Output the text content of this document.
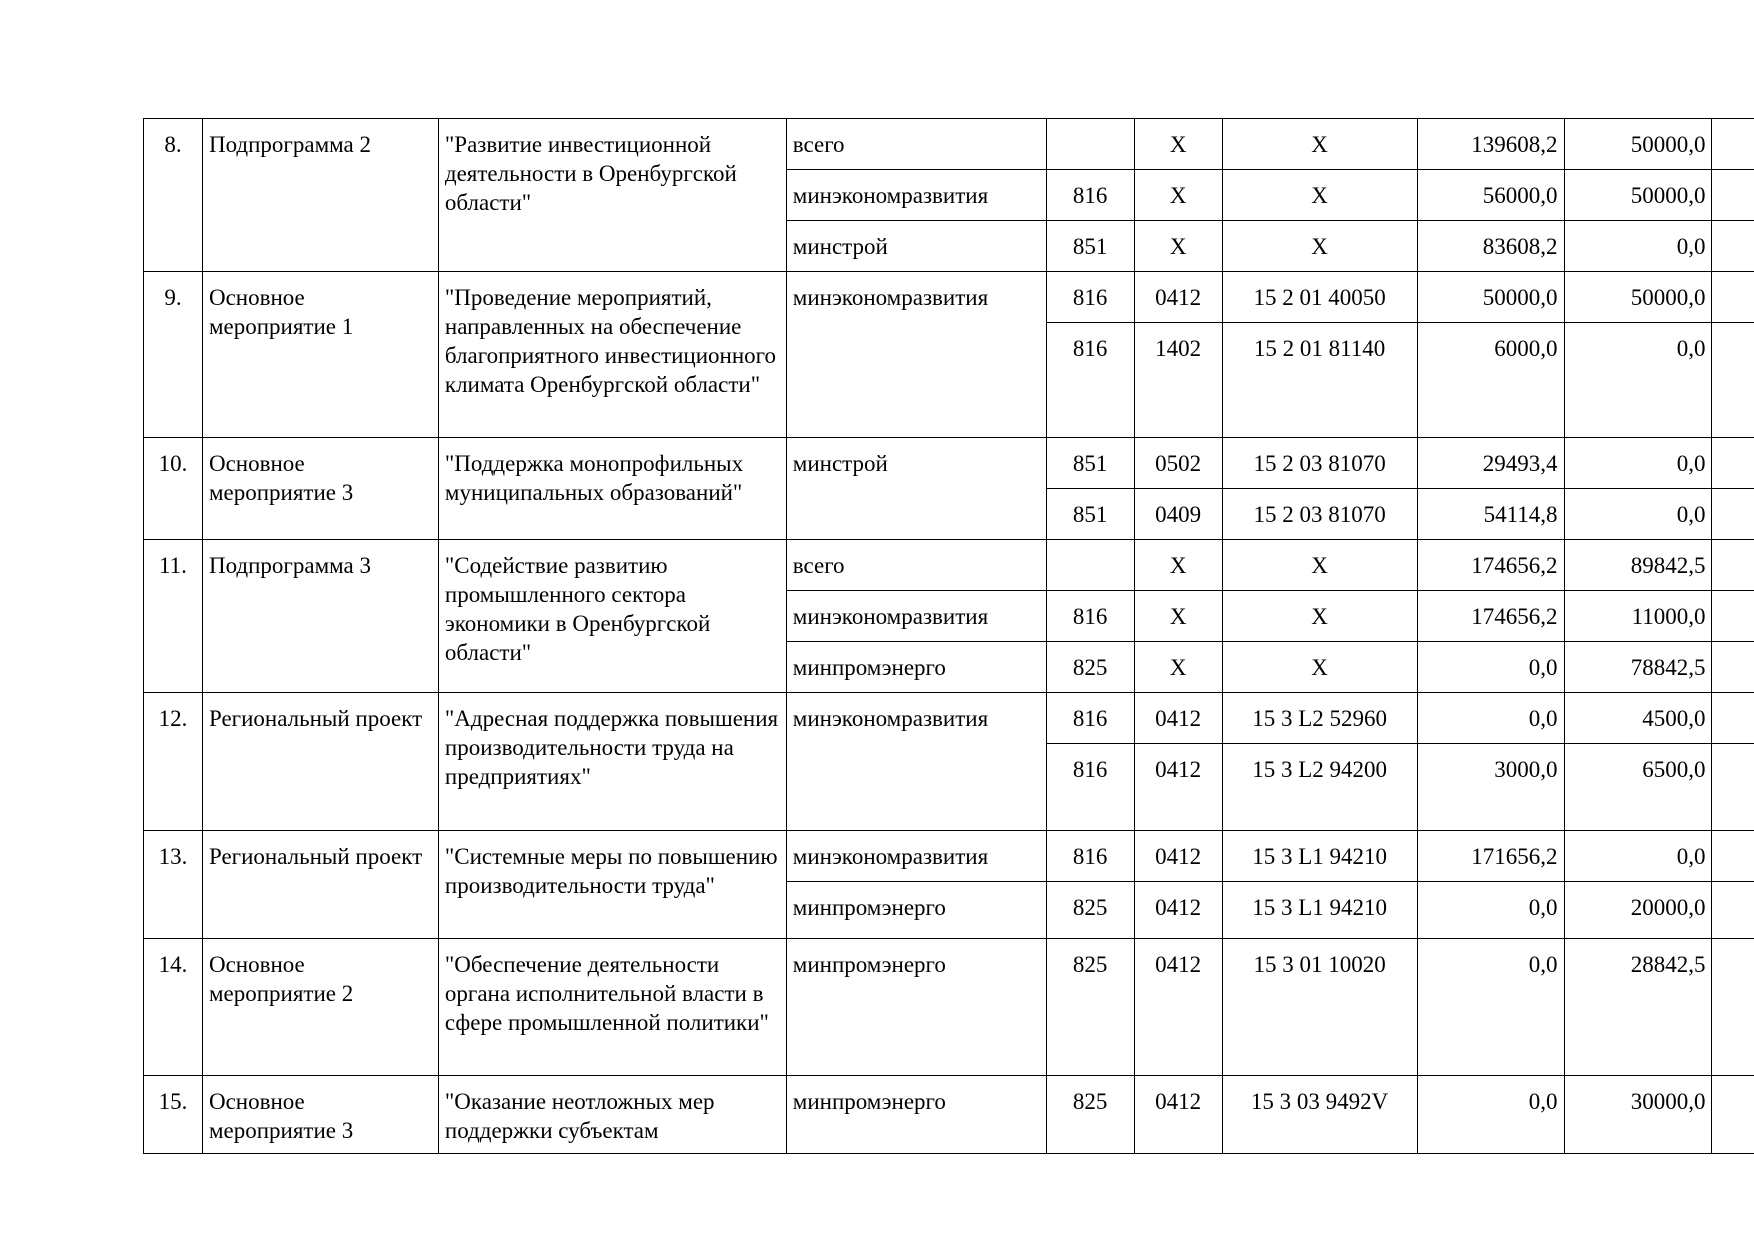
8.	Подпрограмма 2	"Развитие инвестиционной деятельности в Оренбургской области"	всего		X	X	139608,2	50000,0	
			минэкономразвития	816	X	X	56000,0	50000,0	
			минстрой	851	X	X	83608,2	0,0	
9.	Основное мероприятие 1	"Проведение мероприятий, направленных на обеспечение благоприятного инвестиционного климата Оренбургской области"	минэкономразвития	816	0412	15 2 01 40050	50000,0	50000,0	
				816	1402	15 2 01 81140	6000,0	0,0	
10.	Основное мероприятие 3	"Поддержка монопрофильных муниципальных образований"	минстрой	851	0502	15 2 03 81070	29493,4	0,0	
				851	0409	15 2 03 81070	54114,8	0,0	
11.	Подпрограмма 3	"Содействие развитию промышленного сектора экономики в Оренбургской области"	всего		X	X	174656,2	89842,5	
			минэкономразвития	816	X	X	174656,2	11000,0	
			минпромэнерго	825	X	X	0,0	78842,5	
12.	Региональный проект	"Адресная поддержка повышения производительности труда на предприятиях"	минэкономразвития	816	0412	15 3 L2 52960	0,0	4500,0	
				816	0412	15 3 L2 94200	3000,0	6500,0	
13.	Региональный проект	"Системные меры по повышению производительности труда"	минэкономразвития	816	0412	15 3 L1 94210	171656,2	0,0	
			минпромэнерго	825	0412	15 3 L1 94210	0,0	20000,0	
14.	Основное мероприятие 2	"Обеспечение деятельности органа исполнительной власти в сфере промышленной политики"	минпромэнерго	825	0412	15 3 01 10020	0,0	28842,5	
15.	Основное мероприятие 3	"Оказание неотложных мер поддержки субъектам	минпромэнерго	825	0412	15 3 03 9492V	0,0	30000,0	
